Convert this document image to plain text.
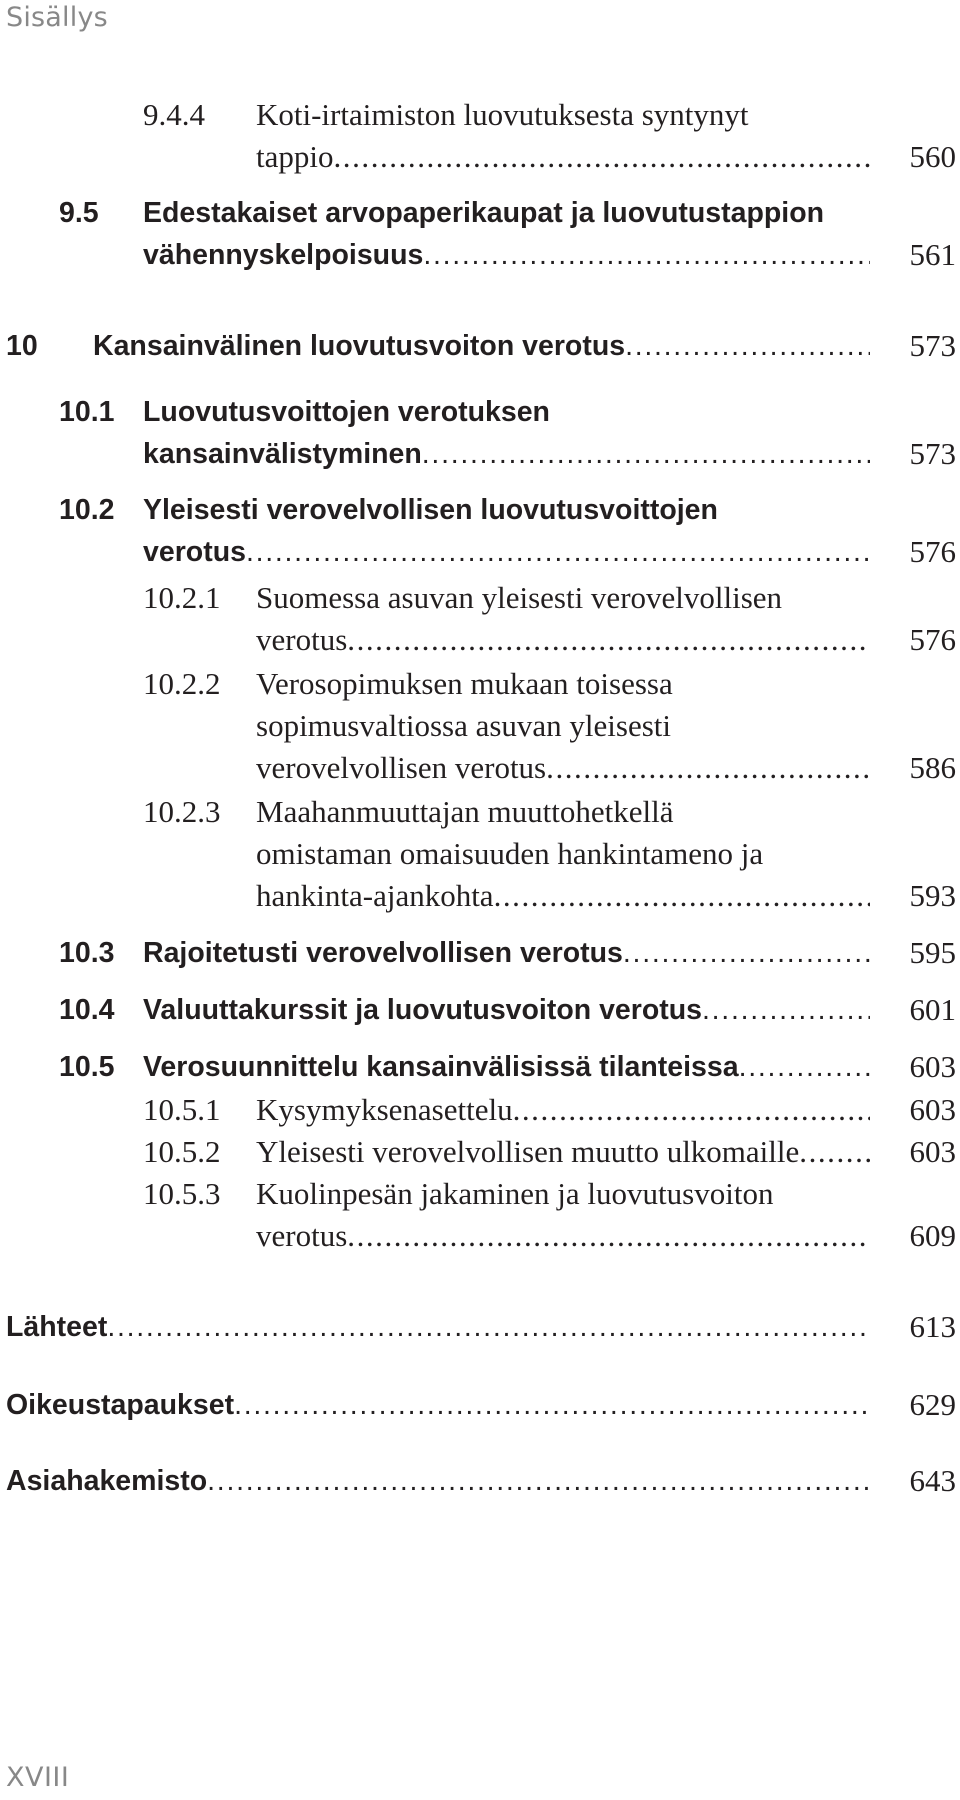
Sisällys
9.4.4 Koti-irtaimiston luovutuksesta syntynyt
tappio . . .	560
9.5 Edestakaiset arvopaperikaupat ja luovutustappion
vähennyskelpoisuus . . .	561
10 Kansainvälinen luovutusvoiton verotus . . .	573
10.1 Luovutusvoittojen verotuksen
kansainvälistyminen . . .	573
10.2 Yleisesti verovelvollisen luovutusvoittojen
verotus . . .	576
10.2.1 Suomessa asuvan yleisesti verovelvollisen
verotus . . .	576
10.2.2 Verosopimuksen mukaan toisessa
sopimusvaltiossa asuvan yleisesti
verovelvollisen verotus . . .	586
10.2.3 Maahanmuuttajan muuttohetkellä
omistaman omaisuuden hankintameno ja
hankinta-ajankohta . . .	593
10.3 Rajoitetusti verovelvollisen verotus . . .	595
10.4 Valuuttakurssit ja luovutusvoiton verotus . . .	601
10.5 Verosuunnittelu kansainvälisissä tilanteissa . . .	603
10.5.1 Kysymyksenasettelu . . .	603
10.5.2 Yleisesti verovelvollisen muutto ulkomaille . . .	603
10.5.3 Kuolinpesän jakaminen ja luovutusvoiton
verotus . . .	609
Lähteet . . .	613
Oikeustapaukset . . .	629
Asiahakemisto . . .	643
XVIII
